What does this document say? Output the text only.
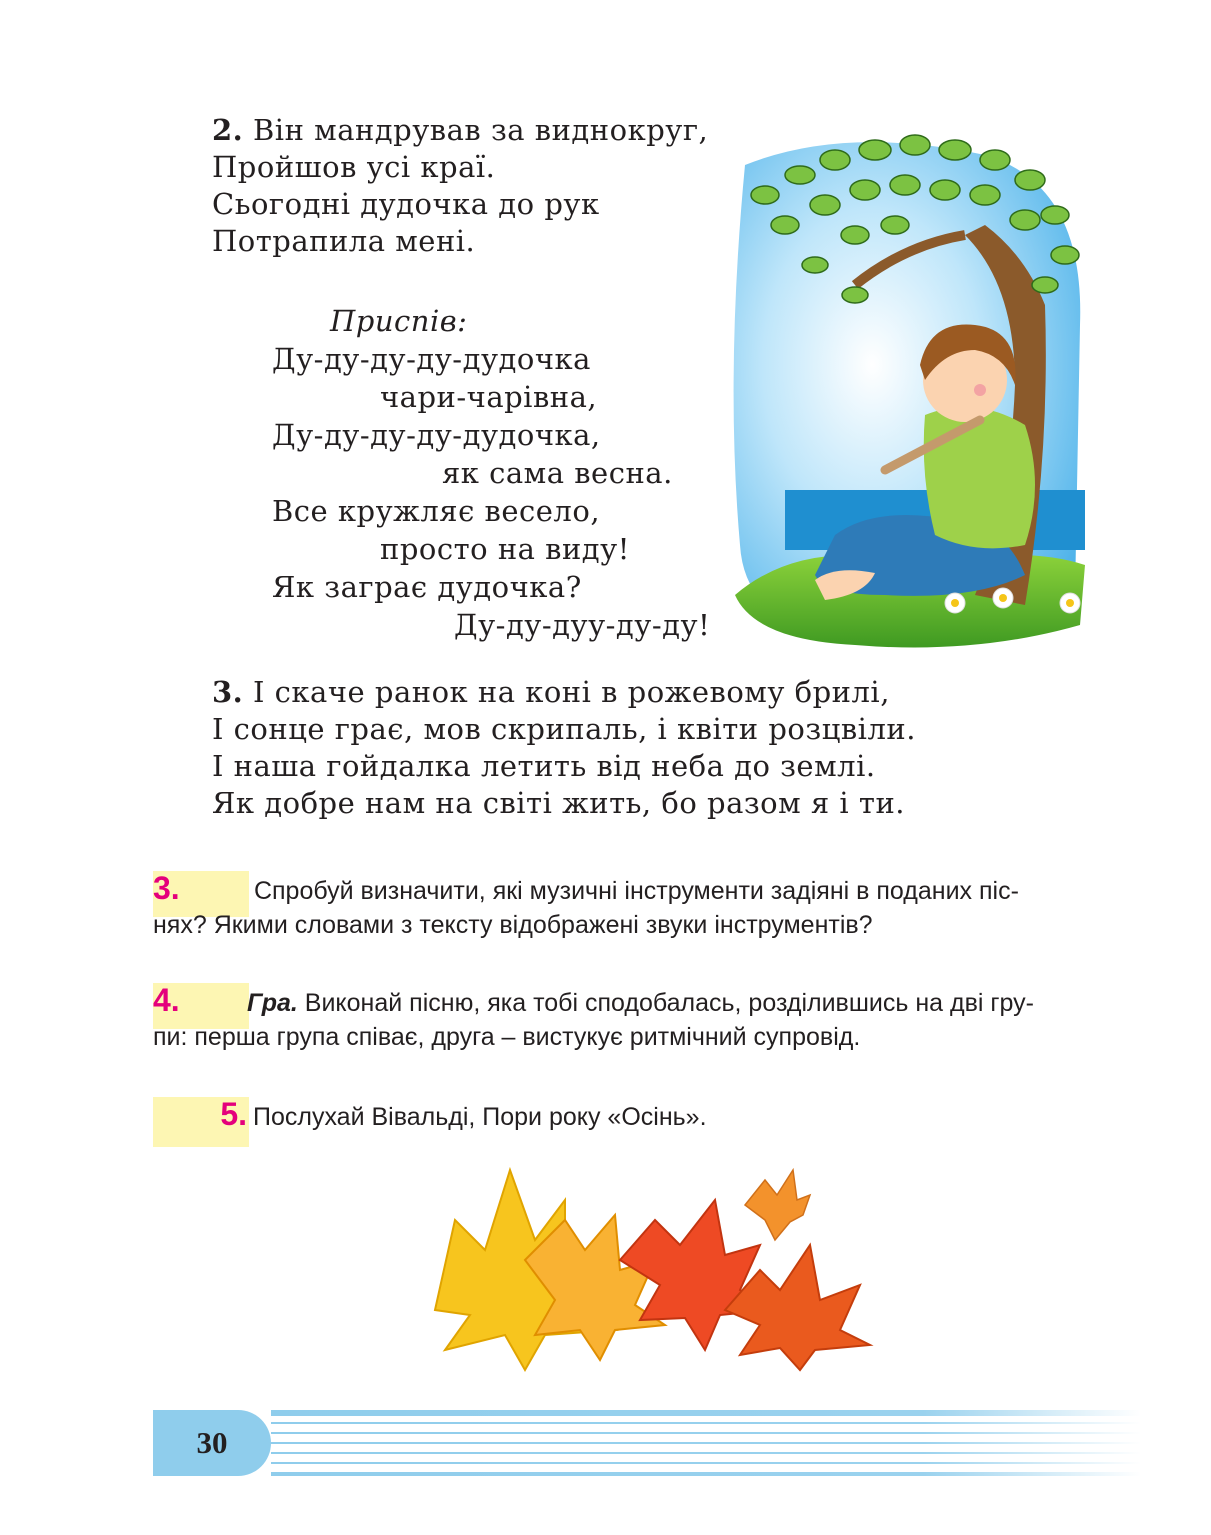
2. Він мандрував за виднокруг,
Пройшов усі краї.
Сьогодні дудочка до рук
Потрапила мені.
Приспів:
Ду-ду-ду-ду-дудочка
чари-чарівна,
Ду-ду-ду-ду-дудочка,
як сама весна.
Все кружляє весело,
просто на виду!
Як заграє дудочка?
Ду-ду-дуу-ду-ду!
3. І скаче ранок на коні в рожевому брилі,
І сонце грає, мов скрипаль, і квіти розцвіли.
І наша гойдалка летить від неба до землі.
Як добре нам на світі жить, бо разом я і ти.
3.	Спробуй визначити, які музичні інструменти задіяні в поданих піс-
нях? Якими словами з тексту відображені звуки інструментів?
4.	Гра. Виконай пісню, яка тобі сподобалась, розділившись на дві гру-
пи: перша група співає, друга – вистукує ритмічний супровід.
5. Послухай Вівальді, Пори року «Осінь».
30
